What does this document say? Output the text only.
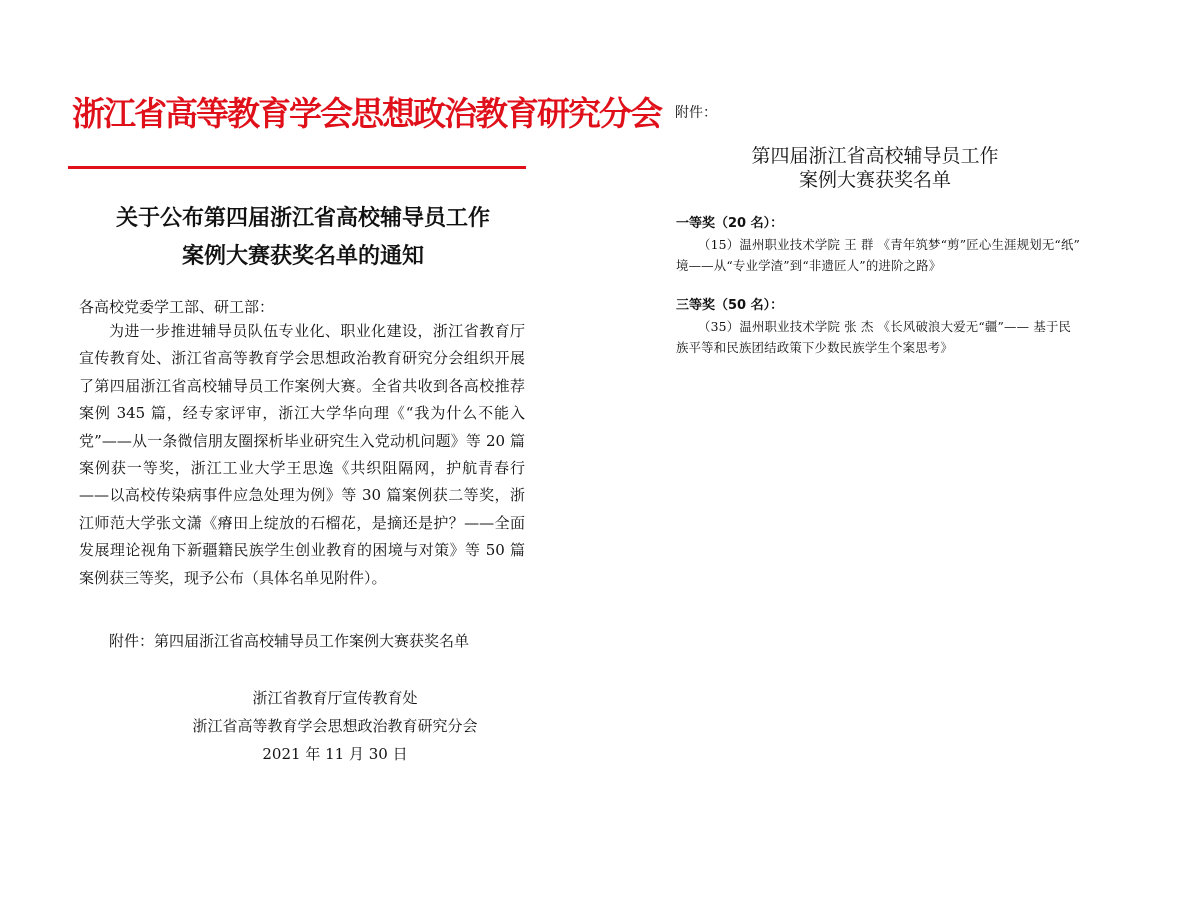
浙江省高等教育学会思想政治教育研究分会
关于公布第四届浙江省高校辅导员工作
案例大赛获奖名单的通知
各高校党委学工部、研工部：

为进一步推进辅导员队伍专业化、职业化建设，浙江省教育厅宣传教育处、浙江省高等教育学会思想政治教育研究分会组织开展了第四届浙江省高校辅导员工作案例大赛。全省共收到各高校推荐案例 345 篇，经专家评审，浙江大学华向理《“我为什么不能入党”——从一条微信朋友圈探析毕业研究生入党动机问题》等 20 篇案例获一等奖，浙江工业大学王思逸《共织阻隔网，护航青春行——以高校传染病事件应急处理为例》等 30 篇案例获二等奖，浙江师范大学张文潇《瘠田上绽放的石榴花，是摘还是护？——全面发展理论视角下新疆籍民族学生创业教育的困境与对策》等 50 篇案例获三等奖，现予公布（具体名单见附件）。

附件：第四届浙江省高校辅导员工作案例大赛获奖名单
浙江省教育厅宣传教育处
浙江省高等教育学会思想政治教育研究分会
2021 年 11 月 30 日
附件：
第四届浙江省高校辅导员工作
案例大赛获奖名单
一等奖（20 名）：
（15）温州职业技术学院 王 群 《青年筑梦“剪”匠心生涯规划无“纸”
境——从“专业学渣”到“非遗匠人”的进阶之路》
三等奖（50 名）：
（35）温州职业技术学院 张 杰 《长风破浪大爱无“疆”—— 基于民
族平等和民族团结政策下少数民族学生个案思考》
